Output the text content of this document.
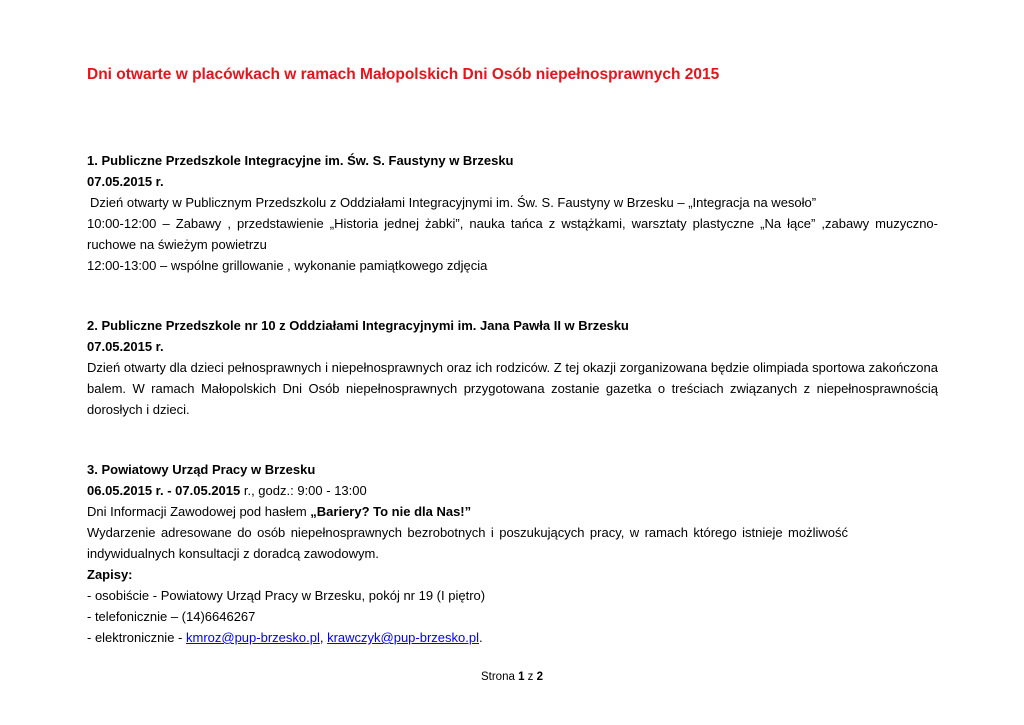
Dni otwarte w placówkach w ramach Małopolskich Dni Osób niepełnosprawnych 2015
1. Publiczne Przedszkole Integracyjne im. Św. S. Faustyny w Brzesku
07.05.2015 r.
Dzień otwarty w Publicznym Przedszkolu z Oddziałami Integracyjnymi im. Św. S. Faustyny w Brzesku – „Integracja na wesoło”
10:00-12:00 – Zabawy , przedstawienie „Historia jednej żabki”, nauka tańca z wstążkami, warsztaty plastyczne „Na łące” ,zabawy muzyczno-ruchowe na świeżym powietrzu
12:00-13:00 – wspólne grillowanie , wykonanie pamiątkowego zdjęcia
2. Publiczne Przedszkole nr 10 z Oddziałami Integracyjnymi im. Jana Pawła II w Brzesku
07.05.2015 r.
Dzień otwarty dla dzieci pełnosprawnych i niepełnosprawnych oraz ich rodziców. Z tej okazji zorganizowana będzie olimpiada sportowa zakończona balem. W ramach Małopolskich Dni Osób niepełnosprawnych przygotowana zostanie gazetka o treściach związanych z niepełnosprawnością dorosłych i dzieci.
3. Powiatowy Urząd Pracy w Brzesku
06.05.2015 r. - 07.05.2015 r., godz.: 9:00 - 13:00
Dni Informacji Zawodowej pod hasłem „Bariery? To nie dla Nas!”
Wydarzenie adresowane do osób niepełnosprawnych bezrobotnych i poszukujących pracy, w ramach którego istnieje możliwość indywidualnych konsultacji z doradcą zawodowym.
Zapisy:
- osobiście - Powiatowy Urząd Pracy w Brzesku, pokój nr 19 (I piętro)
- telefonicznie – (14)6646267
- elektronicznie - kmroz@pup-brzesko.pl, krawczyk@pup-brzesko.pl.
Strona 1 z 2
